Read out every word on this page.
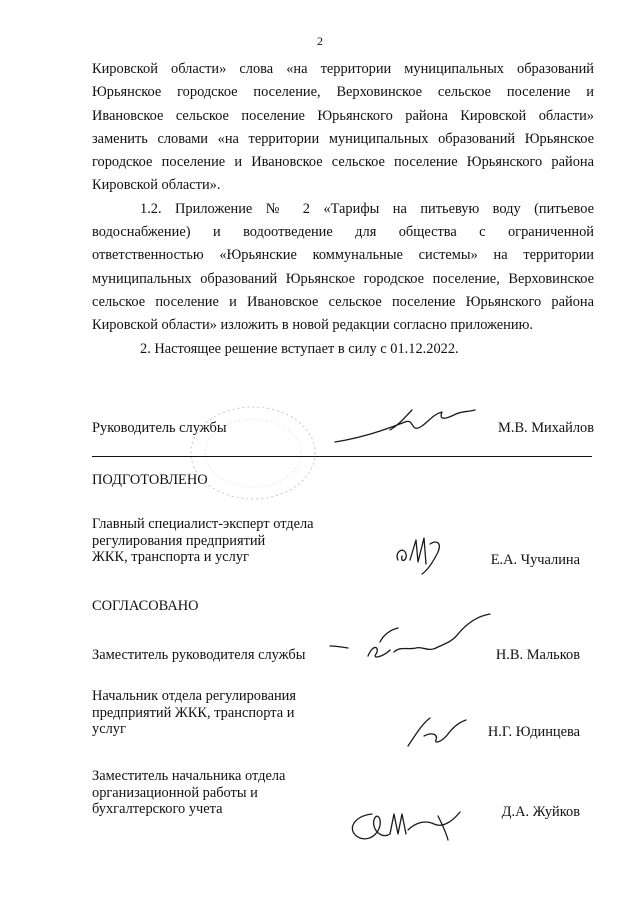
2

Кировской области» слова «на территории муниципальных образований Юрьянское городское поселение, Верховинское сельское поселение и Ивановское сельское поселение Юрьянского района Кировской области» заменить словами «на территории муниципальных образований Юрьянское городское поселение и Ивановское сельское поселение Юрьянского района Кировской области».

1.2. Приложение № 2 «Тарифы на питьевую воду (питьевое водоснабжение) и водоотведение для общества с ограниченной ответственностью «Юрьянские коммунальные системы» на территории муниципальных образований Юрьянское городское поселение, Верховинское сельское поселение и Ивановское сельское поселение Юрьянского района Кировской области» изложить в новой редакции согласно приложению.

2. Настоящее решение вступает в силу с 01.12.2022.

Руководитель службы	М.В. Михайлов
ПОДГОТОВЛЕНО
Главный специалист-эксперт отдела
регулирования предприятий
ЖКК, транспорта и услуг	Е.А. Чучалина
СОГЛАСОВАНО
Заместитель руководителя службы	Н.В. Мальков
Начальник отдела регулирования
предприятий ЖКК, транспорта и
услуг	Н.Г. Юдинцева
Заместитель начальника отдела
организационной работы и
бухгалтерского учета	Д.А. Жуйков
